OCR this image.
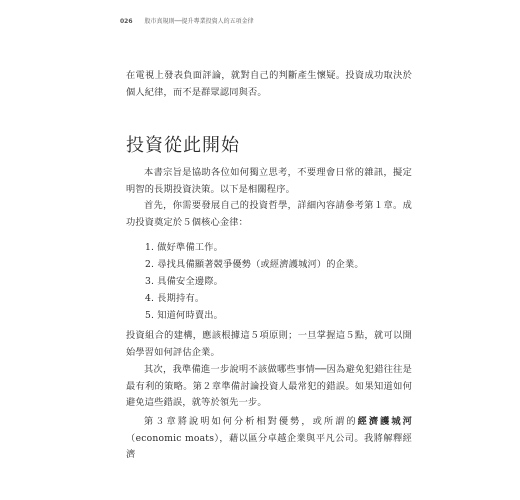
026 股市真規則──提升專業投資人的五項金律

在電視上發表負面評論，就對自己的判斷產生懷疑。投資成功取決於個人紀律，而不是群眾認同與否。

投資從此開始

本書宗旨是協助各位如何獨立思考，不要理會日常的雜訊，擬定明智的長期投資決策。以下是相關程序。

首先，你需要發展自己的投資哲學，詳細內容請參考第１章。成功投資奠定於５個核心金律：

1. 做好準備工作。
2. 尋找具備顯著競爭優勢（或經濟護城河）的企業。
3. 具備安全邊際。
4. 長期持有。
5. 知道何時賣出。

投資組合的建構，應該根據這５項原則；一旦掌握這５點，就可以開始學習如何評估企業。

其次，我準備進一步說明不該做哪些事情──因為避免犯錯往往是最有利的策略。第２章準備討論投資人最常犯的錯誤。如果知道如何避免這些錯誤，就等於領先一步。

第３章將說明如何分析相對優勢，或所謂的經濟護城河（economic moats），藉以區分卓越企業與平凡公司。我將解釋經濟
